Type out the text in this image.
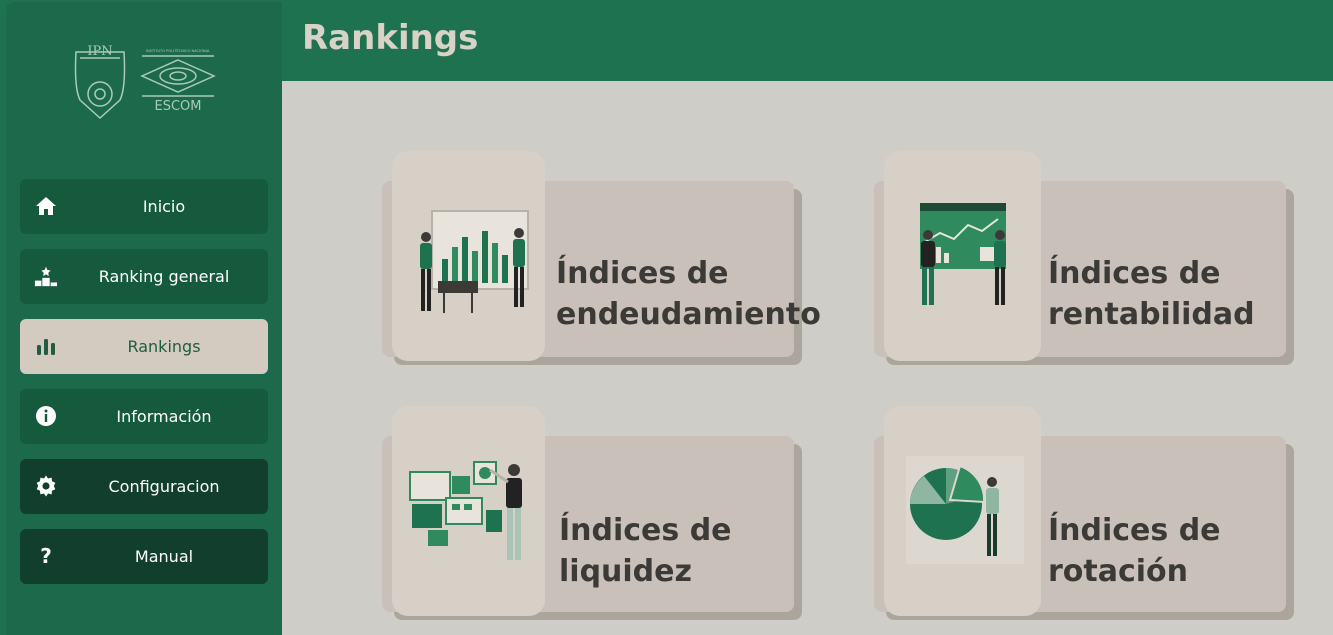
IPN	INSTITUTO POLITÉCNICO NACIONAL
ESCOM
Inicio
Ranking general
Rankings
Información
Configuracion
?	Manual
Rankings
Índices de
endeudamiento
Índices de
rentabilidad
Índices de
liquidez
Índices de
rotación
